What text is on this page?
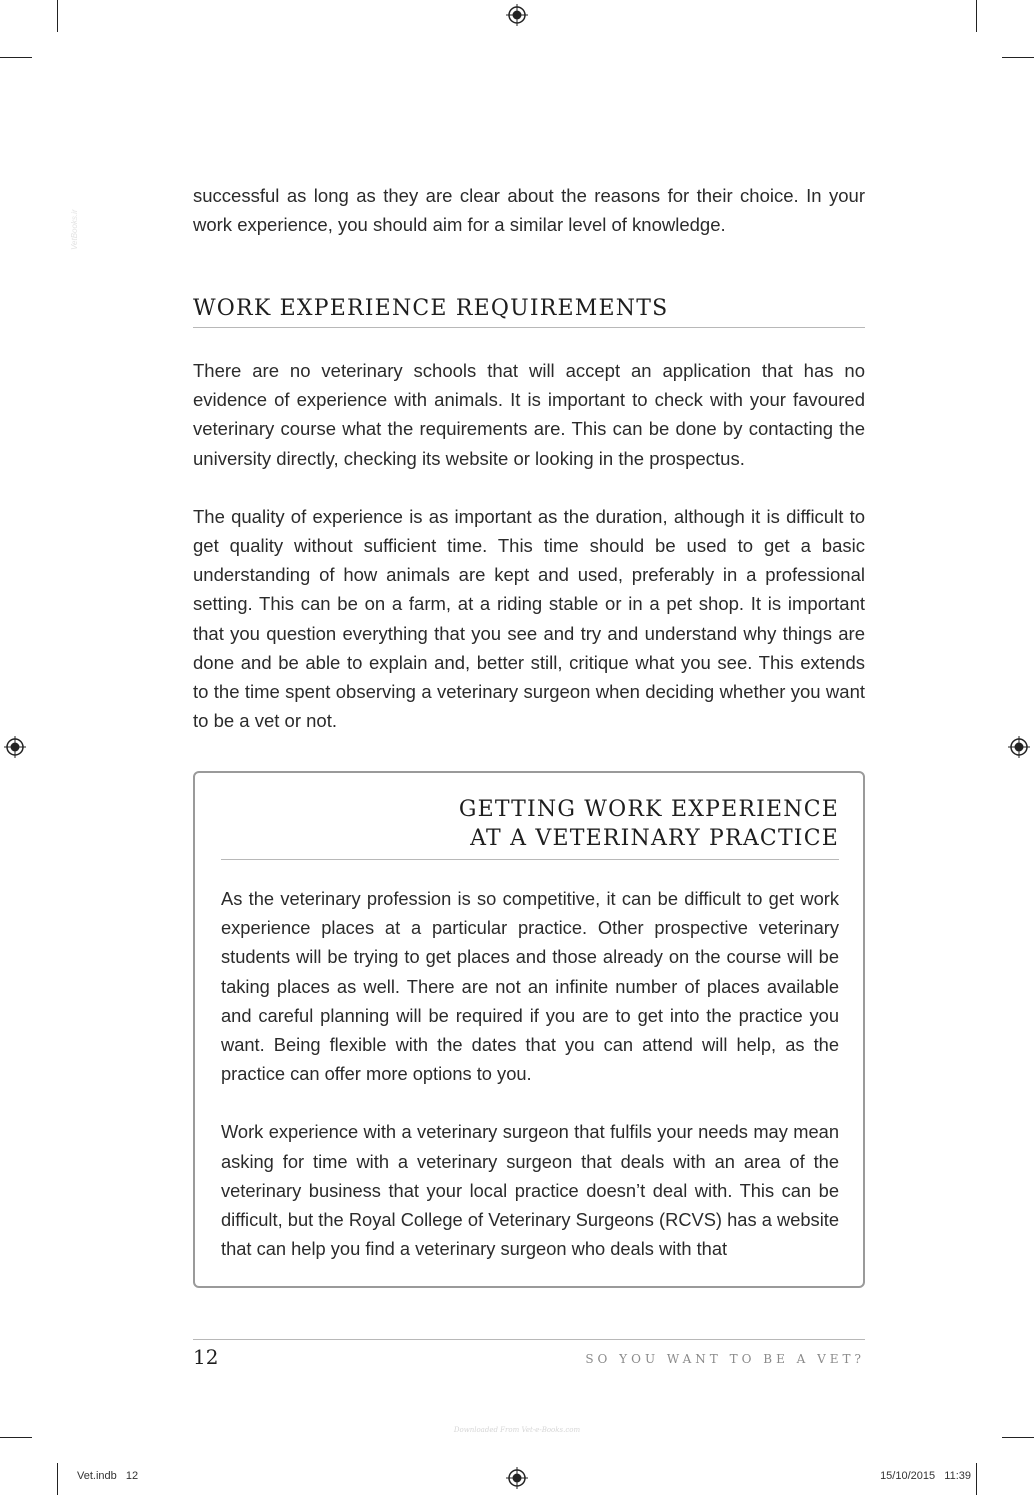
VetBooks.ir

successful as long as they are clear about the reasons for their choice. In your work experience, you should aim for a similar level of knowledge.

WORK EXPERIENCE REQUIREMENTS

There are no veterinary schools that will accept an application that has no evidence of experience with animals. It is important to check with your favoured veterinary course what the requirements are. This can be done by contacting the university directly, checking its website or looking in the prospectus.

The quality of experience is as important as the duration, although it is difficult to get quality without sufficient time. This time should be used to get a basic understanding of how animals are kept and used, preferably in a professional setting. This can be on a farm, at a riding stable or in a pet shop. It is important that you question everything that you see and try and understand why things are done and be able to explain and, better still, critique what you see. This extends to the time spent observing a veterinary surgeon when deciding whether you want to be a vet or not.

GETTING WORK EXPERIENCE
AT A VETERINARY PRACTICE

As the veterinary profession is so competitive, it can be difficult to get work experience places at a particular practice. Other prospective veterinary students will be trying to get places and those already on the course will be taking places as well. There are not an infinite number of places available and careful planning will be required if you are to get into the practice you want. Being flexible with the dates that you can attend will help, as the practice can offer more options to you.

Work experience with a veterinary surgeon that fulfils your needs may mean asking for time with a veterinary surgeon that deals with an area of the veterinary business that your local practice doesn’t deal with. This can be difficult, but the Royal College of Veterinary Surgeons (RCVS) has a website that can help you find a veterinary surgeon who deals with that

12	SO YOU WANT TO BE A VET?
Downloaded From Vet-e-Books.com
Vet.indb   12	15/10/2015   11:39
